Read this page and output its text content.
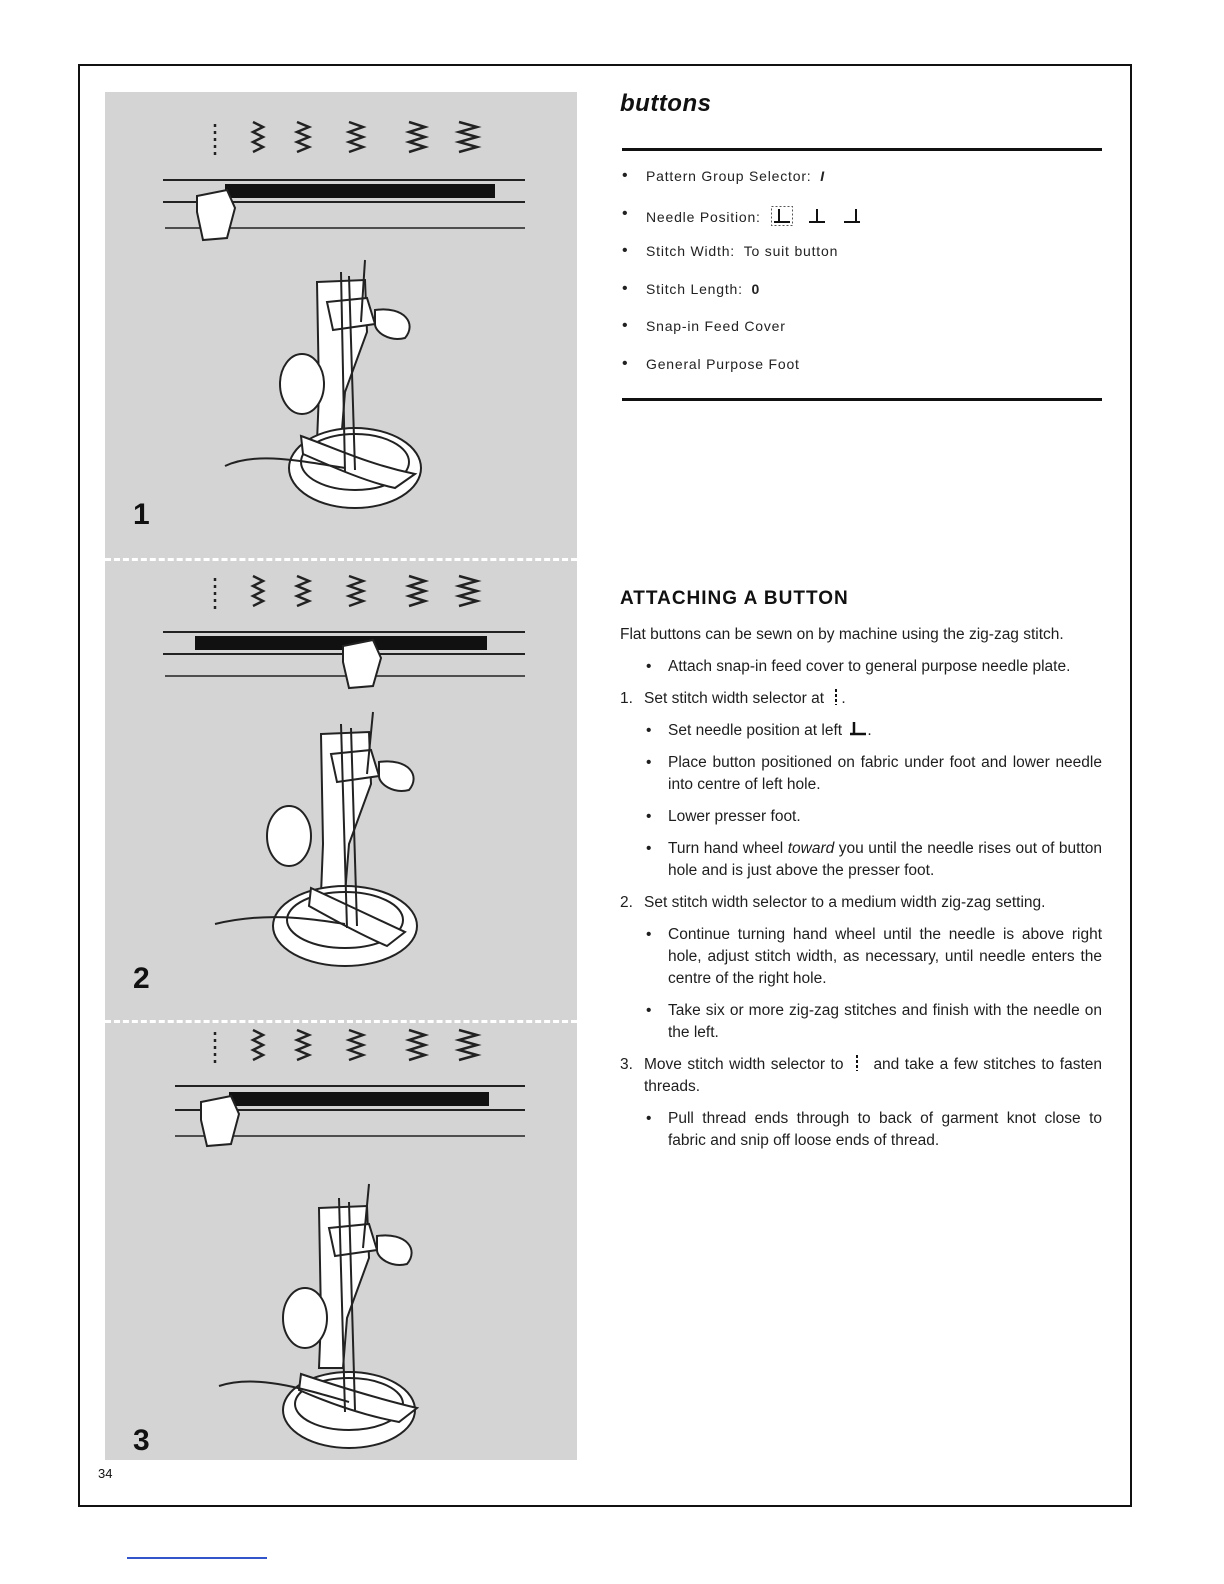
1
2
3
34
buttons
• Pattern Group Selector: I
• Needle Position:
• Stitch Width: To suit button
• Stitch Length: 0
• Snap-in Feed Cover
• General Purpose Foot
ATTACHING A BUTTON

Flat buttons can be sewn on by machine using the zig-zag stitch.

• Attach snap-in feed cover to general purpose needle plate.
1. Set stitch width selector at .
• Set needle position at left .
• Place button positioned on fabric under foot and lower needle into centre of left hole.
• Lower presser foot.
• Turn hand wheel toward you until the needle rises out of button hole and is just above the presser foot.
2. Set stitch width selector to a medium width zig-zag setting.
• Continue turning hand wheel until the needle is above right hole, adjust stitch width, as necessary, until needle enters the centre of the right hole.
• Take six or more zig-zag stitches and finish with the needle on the left.
3. Move stitch width selector to and take a few stitches to fasten threads.
• Pull thread ends through to back of garment knot close to fabric and snip off loose ends of thread.
